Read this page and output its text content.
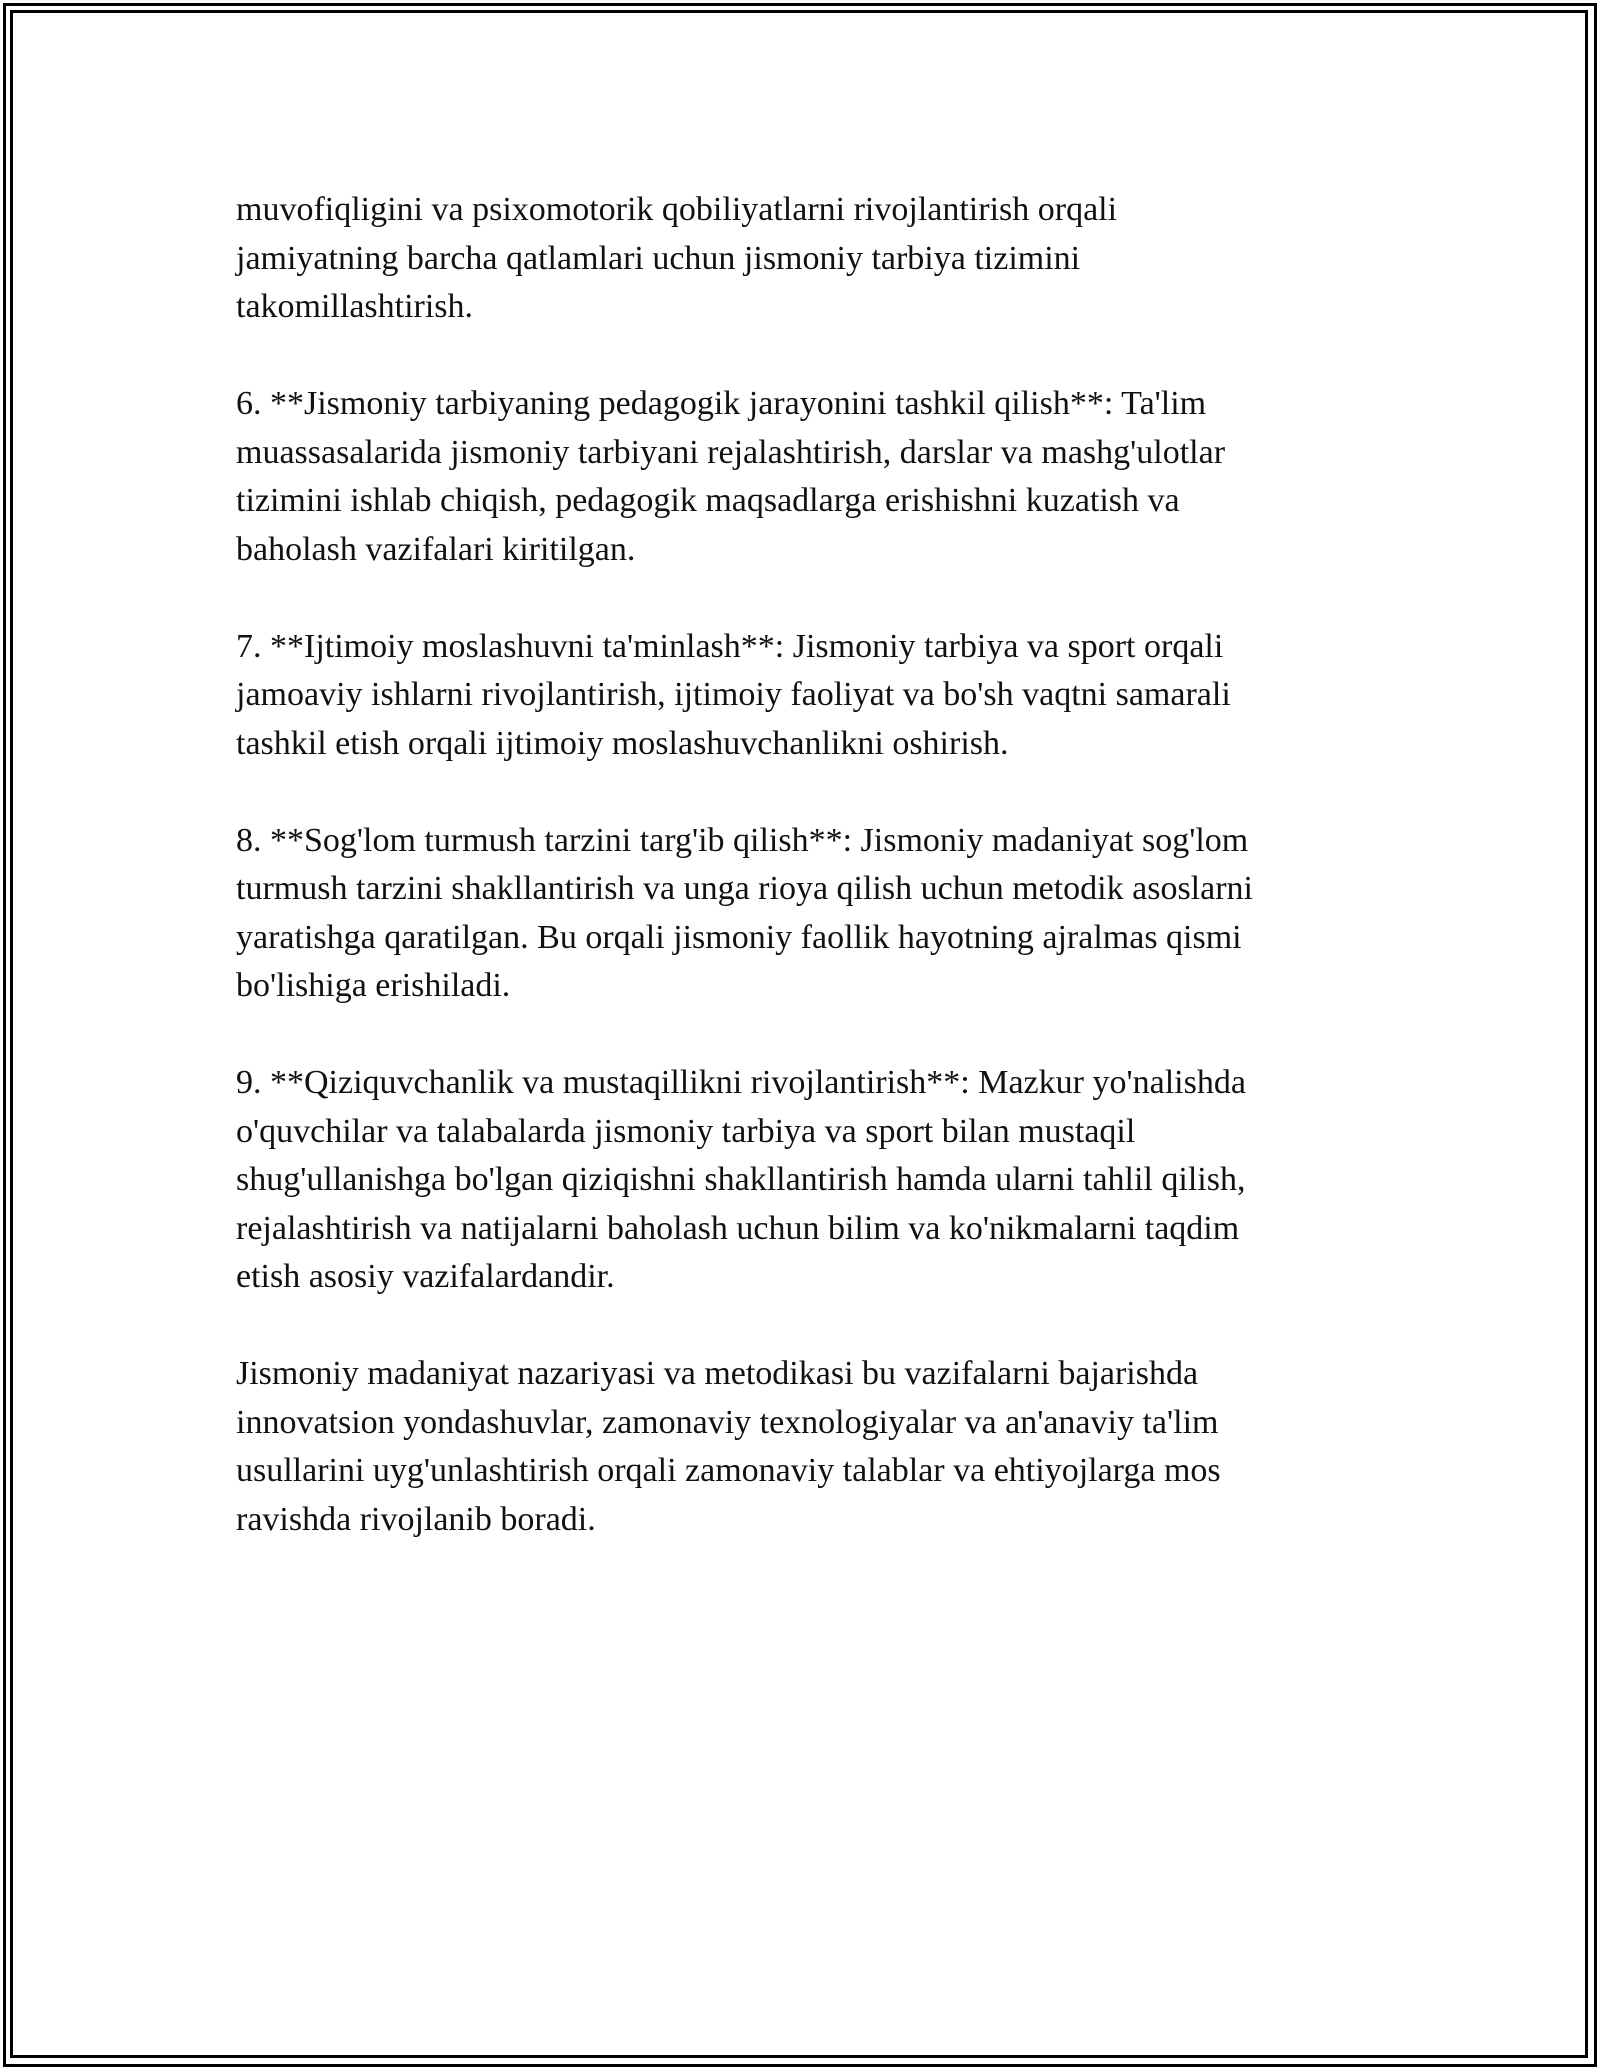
muvofiqligini va psixomotorik qobiliyatlarni rivojlantirish orqali
jamiyatning barcha qatlamlari uchun jismoniy tarbiya tizimini
takomillashtirish.

6. **Jismoniy tarbiyaning pedagogik jarayonini tashkil qilish**: Ta'lim
muassasalarida jismoniy tarbiyani rejalashtirish, darslar va mashg'ulotlar
tizimini ishlab chiqish, pedagogik maqsadlarga erishishni kuzatish va
baholash vazifalari kiritilgan.

7. **Ijtimoiy moslashuvni ta'minlash**: Jismoniy tarbiya va sport orqali
jamoaviy ishlarni rivojlantirish, ijtimoiy faoliyat va bo'sh vaqtni samarali
tashkil etish orqali ijtimoiy moslashuvchanlikni oshirish.

8. **Sog'lom turmush tarzini targ'ib qilish**: Jismoniy madaniyat sog'lom
turmush tarzini shakllantirish va unga rioya qilish uchun metodik asoslarni
yaratishga qaratilgan. Bu orqali jismoniy faollik hayotning ajralmas qismi
bo'lishiga erishiladi.

9. **Qiziquvchanlik va mustaqillikni rivojlantirish**: Mazkur yo'nalishda
o'quvchilar va talabalarda jismoniy tarbiya va sport bilan mustaqil
shug'ullanishga bo'lgan qiziqishni shakllantirish hamda ularni tahlil qilish,
rejalashtirish va natijalarni baholash uchun bilim va ko'nikmalarni taqdim
etish asosiy vazifalardandir.

Jismoniy madaniyat nazariyasi va metodikasi bu vazifalarni bajarishda
innovatsion yondashuvlar, zamonaviy texnologiyalar va an'anaviy ta'lim
usullarini uyg'unlashtirish orqali zamonaviy talablar va ehtiyojlarga mos
ravishda rivojlanib boradi.
